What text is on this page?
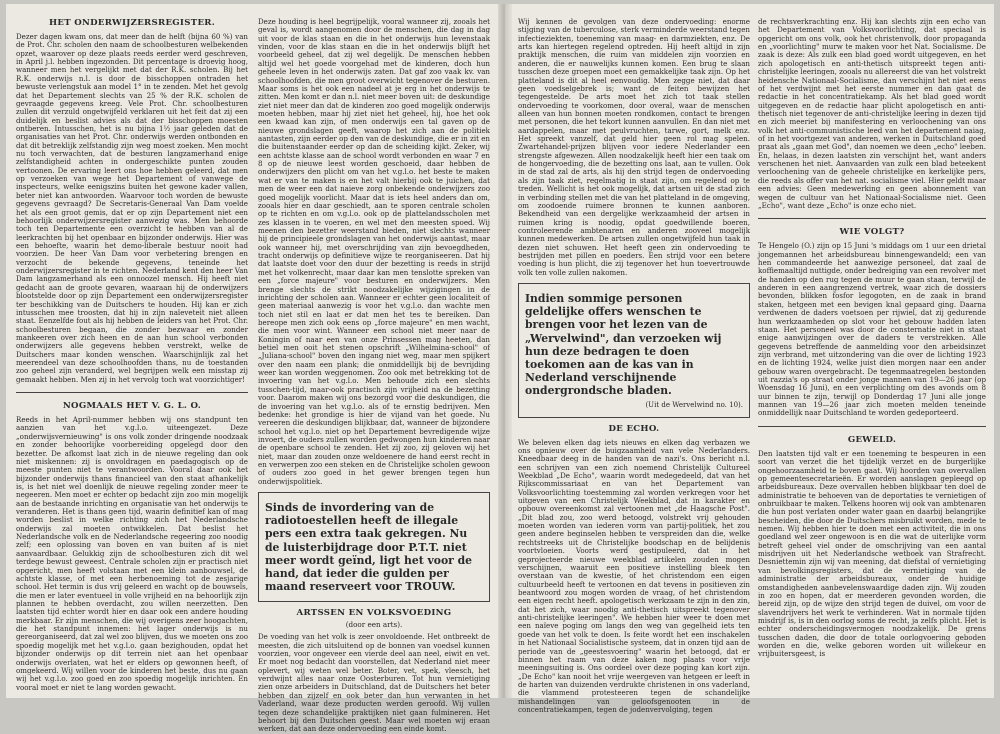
HET ONDERWIJZERSREGISTER.

Dezer dagen kwam ons, dat meer dan de helft (bijna 60 %) van de Prot. Chr. scholen den naam de schoolbesturen welbekenden opzet, waarover op deze plaats reeds eerder werd geschreven, in April j.l. hebben ingezonden. Dit percentage is droevig hoog, wanneer men het vergelijkt met dat der R.K. scholen. Bij het R.K. onderwijs n.l. is door de bisschoppen ontraden het bewuste verlengstuk aan model 1° in te zenden. Met het gevolg dat het Departement slechts van 25 % der R.K. scholen de gevraagde gegevens kreeg. Vele Prot. Chr. schoolbesturen zullen dit verzuld ongetwijfeld verklaren uit het feit dat zij een duidelijk en beslist advies als dat der bisschoppen moesten ontberen. Intusschen, het is nu bijna 1½ jaar geleden dat de organisaties van het Prot. Chr. onderwijs werden ontbonden en dat dit betreklijk zelfstandig zijn weg moest zoeken. Men mocht nu toch verwachten, dat de besturen langzamerhand enige zelfstandigheid achten in ondergeschikte punten zouden vertoonen. De ervaring leert ons hoe hebben geleerd, dat men op verzoeken van wege het Departement of vanwege de inspecteurs, welke eenigszins buiten het gewone kader vallen, beter niet kan antwoorden. Waarvoor toch worden de bewuste gegevens gevraagd? De Secretaris-Generaal Van Dam voelde het als een groot gemis, dat er op zijn Departement niet een behoorlijk onderwijzersregister aanwezig was. Men behoorde toch ten Departemente een overzicht te hebben van al de leerkrachten bij het openbaar en bijzonder onderwijs. Hier was een behoefte, waarin het demo-liberale bestuur nooit had voorzien. De heer Van Dam voor verbetering brengen en verzocht de bekende gegevens, teneinde het onderwijzersregister in te richten. Nederland kent den heer Van Dam langzamerhand als een onnoozel mensch. Hij heeft niet gedacht aan de groote gevaren, waaraan hij de onderwijzers blootstelde door op zijn Departement een onderwijzersregister ter beschikking van de Duitschers te houden. Hij kan er zich intusschen mee troosten, dat hij in zijn naïeveteit niet alleen staat. Eenzelfde fout als hij hebben de leiders van het Prot. Chr. schoolbesturen begaan, die zonder bezwaar en zonder mankeeren over zich heen en de aan hun school verbonden onderwijzers alle gegevens hebben verstrekt, welke de Duitschers maar konden wenschen. Waarschijnlijk zal het meerendeel van deze schoolhoofden thans, nu de toestanden zoo geheel zijn veranderd, wel begrijpen welk een misstap zij gemaakt hebben. Men zij in het vervolg toch wat voorzichtiger!

NOGMAALS HET V. G. L. O.

Reeds in het April-nummer hebben wij ons standpunt ten aanzien van het v.g.l.o. uiteengezet. Deze „onderwijsvernieuwing" is ons volk zonder dringende noodzaak en zonder behoorlijke voorbereiding opgelegd door den bezetter. De afkomst laat zich in de nieuwe regeling dan ook niet miskennen: zij is onvoldragen en paedagogisch op de meeste punten niet te verantwoorden. Vooral daar ook het bijzonder onderwijs thans financieel van den staat afhankelijk is, is het niet wel doenlijk de nieuwe regeling zonder meer te negeeren. Men moet er echter op bedacht zijn zoo min mogelijk aan de bestaande inrichting en organisatie van het onderwijs te veranderen. Het is thans geen tijd, waarin definitief kan of mag worden beslist in welke richting zich het Nederlandsche onderwijs zal moeten ontwikkelen. Dat beslist het Nederlandsche volk en de Nederlandsche regeering zoo noodig zelf; een oplossing van boven en van buiten af is niet aanvaardbaar. Gelukkig zijn de schoolbesturen zich dit wel terdege bewust geweest. Centrale scholen zijn er practisch niet opgericht, men heeft volstaan met een klein aanbouwsel, de achtste klasse, of met een herbenoeming tot de zesjarige school. Het termin is dus vrij geleerd en wacht op de bouwsels, die men er later eventueel in volle vrijheid en na behoorlijk zijn plannen te hebben overdacht, zou willen neerzetten. Den laatsten tijd echter wordt hier en daar ook een andere houding merkbaar. Er zijn menschen, die wij overigens zeer hoogachten, die het standpunt innemen: het lager onderwijs is nu gereorganiseerd, dat zal wel zoo blijven, dus we moeten ons zoo spoedig mogelijk met het v.g.l.o. gaan bezighouden, opdat het bijzonder onderwijs op dit terrein niet aan het openbaar onderwijs overlaten, wat het er elders op gewonnen heeft, of omgekeerd. Wij willen voor de kinderen het beste, dus nu gaan wij het v.g.l.o. zoo goed en zoo spoedig mogelijk inrichten. En vooral moet er niet te lang worden gewacht.

Deze houding is heel begrijpelijk, vooral wanneer zij, zooals het geval is, wordt aangenomen door de menschen, die dag in dag uit voor de klas staan en die in het onderwijs hun levenstaak vinden, voor de klas staan en die in het onderwijs blijft het voorbeeld geheel, dat zij wel degelijk. De menschen hebben altijd wel het goede voorgehad met de kinderen, doch hun geheele leven in het onderwijs zaten. Dat gaf zoo vaak kv. van schoolhoofden, die men groot overwicht tegenover de besturen. Maar soms is het ook een nadeel at je erg in het onderwijs te zitten. Men komt er dan n.l. niet meer boven uit: de deskundige ziet niet meer dan dat de kinderen zoo goed mogelijk onderwijs moeten hebben, maar hij ziet niet het geheel, hij, hoe het ook een kwaad kan zijn, of men onderwijs een tal gaven op de nieuwe grondslagen geeft, waarop het zich aan de politiek aantasten, zijn eerder op den van de deskundige, die er in zit en die buitenstaander eerder op dan de scheiding kijkt. Zeker, wij een achtste klasse aan de school wordt verbonden en waar 7 en 8 op de nieuwe leest worden geschoeid, daar hebben de onderwijzers den plicht om van het v.g.l.o. het beste te maken wat er van te maken is en het valt hierbij ook te juichen, dat men de weer een dat naieve zorg onbekende onderwijzers zoo goed mogelijk voorlicht. Maar dat is iets heel anders dan om, zooals hier en daar geschiedt, aan te sporen centrale scholen op te richten en om v.g.l.o. ook op de plattelandsscholen met zes klassen in te voeren, en wel met den meesten spoed. Wij meenen den bezetter weerstand bieden, niet slechts wanneer hij de principieele grondslagen van het onderwijs aantast, maar ook wanneer hij, met overschrijding van zijn bevoegdheden, tracht onderwijs op definitieve wijze te reorganiseeren. Dat hij dat laatste doet voor den duur der bezetting is reeds in strijd met het volkenrecht, maar daar kan men tenslotte spreken van een „force majeure" voor besturen en onderwijzers. Men brenge slechts de strikt noodzakelijke wijzigingen in de inrichting der scholen aan. Wanneer er echter geen localiteit of geen materiaal aanwezig is voor het v.g.l.o. dan wachte men toch niet stil en laat er dat men het tes te bereiken. Dan bereope men zich ook eens op „force majeure" en men wacht, die men voor wint. Wanneer een school niet meer naar de Koningin of naar een van onze Prinsessen mag heeten, dan betiel men ooit het stenen opschrift „Wilhelmina-school" of „Juliana-school" boven den ingang niet weg, maar men spijkert over den naam een plank; die onmiddellijk bij de bevrijding weer kan worden weggenomen. Zoo ook met betrekking tot de invoering van het v.g.l.o. Men behoude zich een slechts tusschen-tijd, maar-ook practisch zijn vrijheid na de bezetting voor. Daarom maken wij ons bezorgd voor die deskundigen, die de invoering van het v.g.l.o. als of te ernstig bedrijven. Men bedenke: het grondige is hier de vijand van het goede. Nu vereeren die deskundigen blijkbaar, dat, wanneer de bijzondere school het v.g.l.o. niet op het Departement bevredigende wijze invoert, de ouders zullen worden gedwongen hun kinderen naar de openbare school te zenden. Het zij zoo, zij geloven wij het niet, maar dan zouden onze weldoenere de hand eerst recht in en verwerpen zoo een steken en de Christelijke scholen gewoon of ouders zoo goed in het gewer brengen tegen hun onderwijspolitiek.

Sinds de invordering van de radiotoestellen heeft de illegale pers een extra taak gekregen. Nu de luisterbijdrage door P.T.T. niet meer wordt geïnd, ligt het voor de hand, dat ieder die gulden per maand reserveert voor TROUW.

ARTSSEN EN VOLKSVOEDING

(door een arts).

De voeding van het volk is zeer onvoldoende. Het ontbreekt de meesten, die zich uitsluitend op de bonnen van voedsel kunnen voorzien, voor ongeveer een vierde deel aan neel, eiwit en vet. Er moet nog bedacht dan voorstellen, dat Nederland niet meer oplevert, wij weten wel beter. Boter, vet, spek, vleesch, het verdwijnt alles naar onze Oosterburen. Tot hun vernietiging zien onze arbeiders in Duitschland, dat de Duitschers het beter hebben dan zijzelf en ook beter dan hun verwanten in het Vaderland, waar deze producten werden geroofd. Wij vullen tegen deze schandelijke praktijken niet gaan fulmineren. Het behoort bij den Duitschen geest. Maar wel moeten wij eraan werken, dat aan deze ondervoeding een einde komt.

Wij kennen de gevolgen van deze ondervoeding: enorme stijging van de tuberculose, sterk verminderde weerstand tegen infectieziekten, toeneming van maag- en darmziekten, enz. De arts kan hiertegen regelend optreden. Hij heeft altijd in zijn praktijk menschen, die ruim van middelen zijn voorzien en anderen, die er nauwelijks kunnen komen. Een brug te slaan tusschen deze groepen moet een gemakkelijke taak zijn. Op het platteland is dit al heel eenvoudig. Men zegge niet, dat daar geen voedselgebrek is; want de feiten bewijzen het tegengestelde. De arts moet het zich tot taak stellen ondervoeding te voorkomen, door overal, waar de menschen alleen van hun bonnen moeten rondkomen, contact te brengen met personen, die het tekort kunnen aanvullen. En dan niet met aardappelen, maar met peulvruchten, tarwe, gort, melk enz. Het spreekt vanzelf, dat geld hier geen rol mag spelen. Zwartehandel-prijzen blijven voor iedere Nederlander een strengste afgewezen. Allen noodzakelijk heeft hier een taak om de hongervoeding, die de bezetting ons laat, aan te vullen. Ook in de stad zal de arts, als hij den strijd tegen de ondervoeding als zijn taak ziet, regelmatig in staat zijn, om regelend op te treden. Wellicht is het ook mogelijk, dat artsen uit de stad zich in verbinding stellen met die van het platteland in de omgeving, om zoodoende ruimere bronnen te kunnen aanboren. Bekendheid van een dergelijke werkzaamheid der artsen in ruimen kring is noodig, opdat goedwillende boeren, controleerende ambtenaren en anderen zooveel mogelijk kunnen medewerken. De artsen zullen ongetwijfeld hun taak in dezen niet schuwen. Het heeft geen zin ondervoeding te bestrijden met pillen en poeders. Een strijd voor een betere voeding is hun plicht, die zij tegenover het hun toevertrouwde volk ten volle zullen nakomen.

Indien sommige personen geldelijke offers wenschen te brengen voor het lezen van de „Wervelwind", dan verzoeken wij hun deze bedragen te doen toekomen aan de kas van in Nederland verschijnende ondergrondsche bladen.

(Uit de Wervelwind no. 10).

DE ECHO.

We beleven elken dag iets nieuws en elken dag verbazen we ons opnieuw over de buigzaamheid van vele Nederlanders. Kneedbaar deeg in de handen van de nazi's. Ons bericht n.l. een schrijven van een zich noemend Christelijk Cultureel Weekblad „De Echo", waarin wordt medegedeeld, dat van het Rijkscommissariaat en van het Departement van Volksvoorlichting toestemming zal worden verkregen voor het uitgeven van een Christelijk Weekblad, dat in karakter en opbouw overeenkomst zal vertoonen met „de Haagsche Post". „Dit blad zou, zoo werd betoogd, volstrekt vrij gehouden moeten worden van iederen vorm van partij-politiek, het zou geen andere beginselen hebben te verspreiden dan die, welke rechtstreeks uit de Christelijke boodschap en de belijdenis voortvloeien. Voorts werd gestipuleerd, dat in het geprojecteerde nieuwe weekblad artikelen zouden mogen verschijnen, waaruit een positieve instelling bleek ten overstaan van de kwestie, of het christendom een eigen cultuurbeeld heeft te vertoonen en dat tevens in positieven zin beantwoord zou mogen worden de vraag, of het christendom een eigen recht heeft. apologetisch werkzaam te zijn in den zin, dat het zich, waar noodig anti-thetisch uitspreekt tegenover anti-christelijke leeringen". We hebben hier weer te doen met een naïeve poging om langs den weg van gegelheid iets ten goede van het volk te doen. Is feite wordt het een inschakelen in het Nationaal Socialistische systeem, dat in onzen tijd aan de periode van de „geestesvoering" waarin het betoogd, dat er binnen het raam van deze kaken nog plaats voor vrije meeningsuiting is. Ons oordeel over deze poging kan kort zijn. „De Echo" kan nooit het vrije weergeven van hetgeen er leeft in de harten van duizenden verdrukte christenen in ons vaderland, die vlammend protesteeren tegen de schandelijke mishandelingen van geloofsgenooten in de concentratiekampen, tegen de jodenvervolging, tegen

de rechtsverkrachting enz. Hij kan slechts zijn een echo van het Departement van Volksvoorlichting, dat speciaal is opgericht om ons volk, ook het christenvolk, door propaganda en „voorlichting" murw te maken voor het Nat. Socialisme. De zaak is deze: Als zulk een blad goed wordt uitgegeven, en het zich apologetisch en anti-thetisch uitspreekt tegen anti-christelijke leeringen, zooals nu allereerst die van het volstrekt heidensche Nationaal-Socialisme, dan verschijnt het niet eens of het verdwijnt met het eerste nummer en dan gaat de redactie in het concentratiekamp. Als het blad goed wordt uitgegeven en de redactie haar plicht apologetisch en anti-thetisch niet tegenover de anti-christelijke leering in dezen tijd en zich meeriet bij manifestering en verloochening van ons volk het anti-communistische leed van het departement naiag, of in het voortgezet van anderen, werken in Duitschland goed praat als „gaan met God", dan noemen we deen „echo" leeben. En, helaas, in dezen laatsten zin verschijnt het, want anders verschenen het niet. Aanvaarden van zulk een blad beteekent verloochening van de geheele christelijke en kerkelijke pers, die reeds als offer van het nat. socialisme viel. Hier geldt maar een advies: Geen medewerking en geen abonnement van wegen de cultuur van het Nationaal-Socialisme niet. Geen „Echo", want deze „Echo" is onze echo niet.

WIE VOLGT?

Te Hengelo (O.) zijn op 15 Juni 's middags om 1 uur een drietal jongemannen het arbeidsbureau binnengewandeld; een van hen commandeerde het aanwezige personeel, dat zaal de koffiemaaltijd nuttigde, onder bedreiging van een revolver met de handen op den rug tegen de muur te gaan staan, terwijl de anderen in een aangrenzend vertrek, waar zich de dossiers bevonden, blikken fosfor legogoten, en de zaak in brand staken, hetgeen met een bevigen knal gepaard ging. Daarna verdwenen de daders voetsoen per rijwiel, dat zij gedurende hun werkzaamheden op slot voor het gebouw hadden laten staan. Het personeel was door de consternatie niet in staat enige aanwijzingen over de daders te verstrekken. Alle gegevens betreffende de aanmelding voor den arbeidsinzet zijn verbrand, met uitzondering van die over de lichting 1923 en de lichting 1924, welke juist dien morgen naar een ander gebouw waren overgebracht. De tegenmaatregelen bestonden uit razzia's op straat onder jonge mannen van 19—26 jaar (op Woensdag 16 Juni), en een verplichting om des avonds om 8 uur binnen te zijn, terwijl op Donderdag 17 Juni alle jonge mannen van 19—26 jaar zich moeten melden teneinde onmiddellijk naar Duitschland te worden gedeporteerd.

GEWELD.

Den laatsten tijd valt er een toeneming te bespeuren in een soort van verzet die het tijdelijk verzet en de burgerlijke ongehoorzaamheid te boven gaat. Wij hoorden van overvallen op gemeentesecretarieën. Er worden aanslagen gepleegd op arbeidsbureaux. Deze overvallen hebben blijkbaar ten doel de administratie te behoeven van de deportaties te vernietigen of onbruikbaar te maken. Telkens hooren wij ook van ambtenaren die hun post verlaten onder water gaan en daarbij belangrijke bescheiden, die door de Duitschers misbruikt worden, mede te nemen. Wij hebben hier te doen met een activiteit, die in ons goedland wel zeer ongewoon is en die wat de uiterlijke vorm betreft geheel viel onder de omschrijving van een aantal misdrijven uit het Nederlandsche wetboek van Strafrecht. Desniettemin zijn wij van meening, dat diefstal of vernietiging van bevolkingsregisters, dat de vernietiging van de administratie der arbeidsbureaux, onder de huidige omstandigheden aanbevelenswaardige daden zijn. Wij zouden in zoo en hopen, dat er meerderen gevonden worden, die bereid zijn, op de wijze den strijd tegen de duivel, om voor de slavendrijvers het werk te verhinderen. Wat in normale tijden misdrijf is, is in den oorlog soms de recht, ja zelfs plicht. Het is echter onderscheidingsvermogen noodzakelijk. De grens tusschen daden, die door de totale oorlogvoering geboden worden en die, welke geboren worden uit willekeur en vrijbuitersgeest, is
